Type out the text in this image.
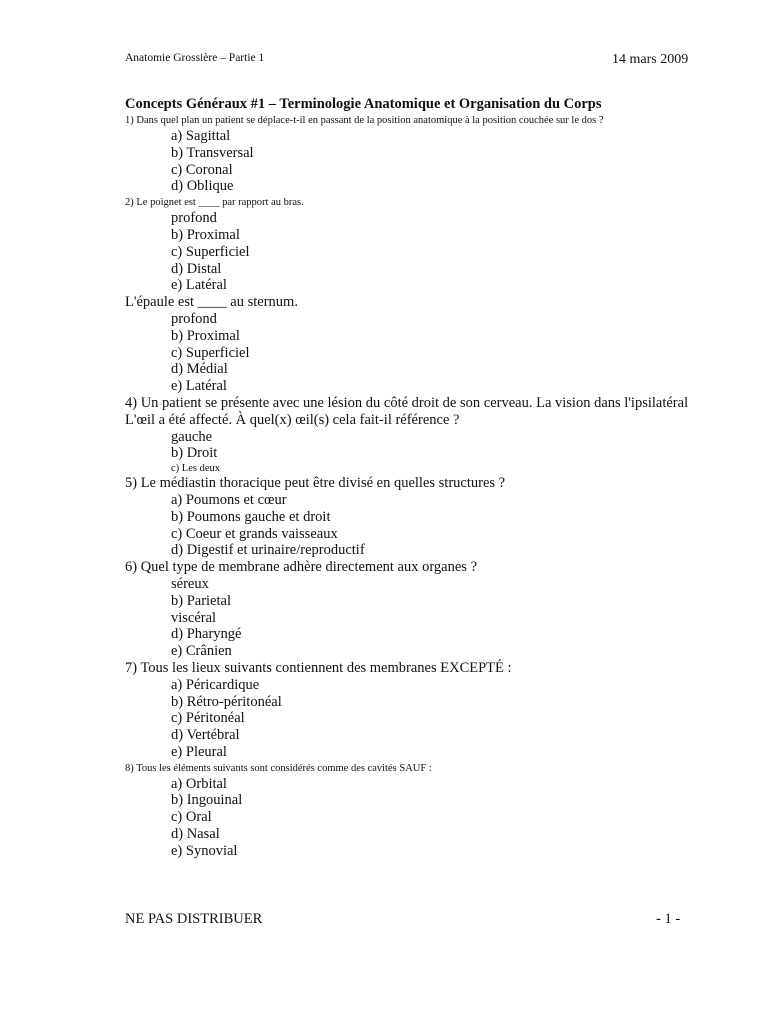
Anatomie Grossière – Partie 1	14 mars 2009
Concepts Généraux #1 – Terminologie Anatomique et Organisation du Corps
1) Dans quel plan un patient se déplace-t-il en passant de la position anatomique à la position couchée sur le dos ?
a) Sagittal
b) Transversal
c) Coronal
d) Oblique
2) Le poignet est ____ par rapport au bras.
profond
b) Proximal
c) Superficiel
d) Distal
e) Latéral
L'épaule est ____ au sternum.
profond
b) Proximal
c) Superficiel
d) Médial
e) Latéral
4) Un patient se présente avec une lésion du côté droit de son cerveau. La vision dans l'ipsilatéral
L'œil a été affecté. À quel(x) œil(s) cela fait-il référence ?
gauche
b) Droit
c) Les deux
5) Le médiastin thoracique peut être divisé en quelles structures ?
a) Poumons et cœur
b) Poumons gauche et droit
c) Coeur et grands vaisseaux
d) Digestif et urinaire/reproductif
6) Quel type de membrane adhère directement aux organes ?
séreux
b) Parietal
viscéral
d) Pharyngé
e) Crânien
7) Tous les lieux suivants contiennent des membranes EXCEPTÉ :
a) Péricardique
b) Rétro-péritonéal
c) Péritonéal
d) Vertébral
e) Pleural
8) Tous les éléments suivants sont considérés comme des cavités SAUF :
a) Orbital
b) Ingouinal
c) Oral
d) Nasal
e) Synovial
NE PAS DISTRIBUER	- 1 -
